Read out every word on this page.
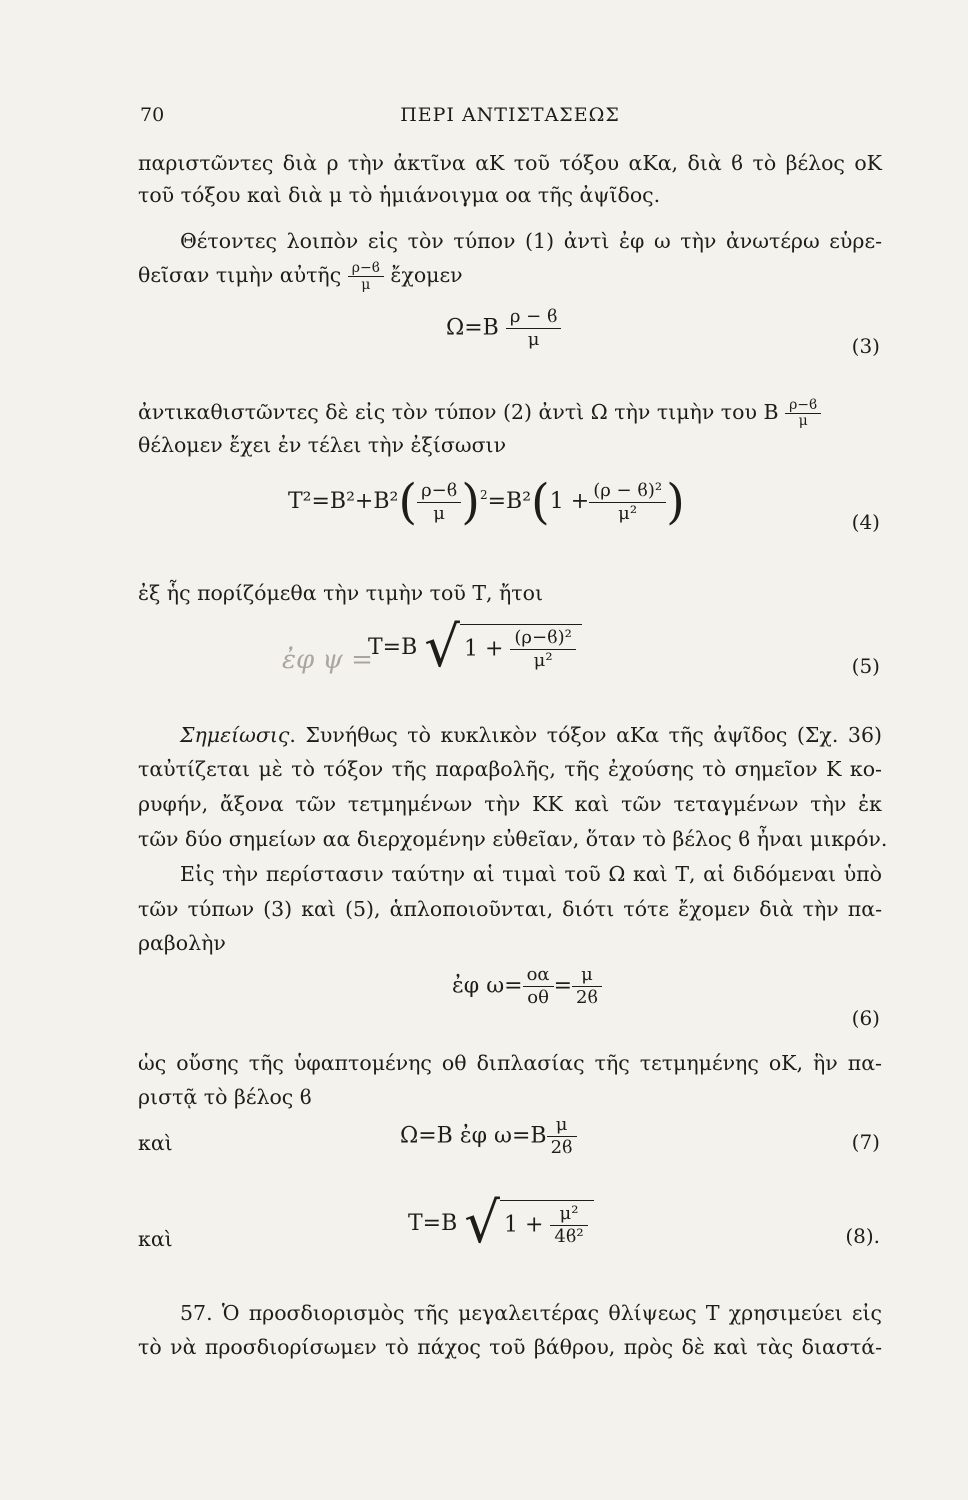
70	ΠΕΡΙ ΑΝΤΙΣΤΑΣΕΩΣ
παριστῶντες διὰ ρ τὴν ἀκτῖνα αΚ τοῦ τόξου αΚα, διὰ ϐ τὸ βέλος οΚ
τοῦ τόξου καὶ διὰ μ τὸ ἡμιάνοιγμα οα τῆς ἀψῖδος.
Θέτοντες λοιπὸν εἰς τὸν τύπον (1) ἀντὶ ἐφ ω τὴν ἀνωτέρω εὑρε-
θεῖσαν τιμὴν αὐτῆς $\frac{\rho-ϐ}{\mu}$ ἔχομεν
$\Omega=B \frac{\rho - ϐ}{\mu}$	(3)
ἀντικαθιστῶντες δὲ εἰς τὸν τύπον (2) ἀντὶ Ω τὴν τιμὴν του Β $\frac{\rho-ϐ}{\mu}$
θέλομεν ἔχει ἐν τέλει τὴν ἐξίσωσιν
$T^2=B^2+B^2( \frac{\rho-ϐ}{\mu} )^2=B^2(1 + \frac{\text{(ρ − ϐ)²}}{\text{μ²}}$ )	(4)
ἐξ ἧς πορίζόμεθα τὴν τιμὴν τοῦ Τ, ἤτοι
ἐφ ψ =
Τ=Β √ $1 + \frac{\text{(ρ−ϐ)²}}{\text{μ²}}$	(5)
Σημείωσις. Συνήθως τὸ κυκλικὸν τόξον αΚα τῆς ἀψῖδος (Σχ. 36)
ταὐτίζεται μὲ τὸ τόξον τῆς παραβολῆς, τῆς ἐχούσης τὸ σημεῖον Κ κο-
ρυφήν, ἄξονα τῶν τετμημένων τὴν ΚΚ καὶ τῶν τεταγμένων τὴν ἐκ
τῶν δύο σημείων αα διερχομένην εὐθεῖαν, ὅταν τὸ βέλος ϐ ἦναι μικρόν.
Εἰς τὴν περίστασιν ταύτην αἱ τιμαὶ τοῦ Ω καὶ Τ, αἱ διδόμεναι ὑπὸ
τῶν τύπων (3) καὶ (5), ἁπλοποιοῦνται, διότι τότε ἔχομεν διὰ τὴν πα-
ραβολὴν
ἐφ $\omega= \frac{o\alpha}{o\theta} = \frac{\mu}{2ϐ}$
(6)
ὡς οὔσης τῆς ὑφαπτομένης οθ διπλασίας τῆς τετμημένης οΚ, ἣν πα-
ριστᾷ τὸ βέλος ϐ
καὶ	Ω=Β ἐφ $\omega=B \frac{\mu}{2ϐ}$	(7)
καὶ
Τ=Β √ $1 + \frac{\text{μ²}}{\text{4ϐ²}}$	(8).
57. Ὁ προσδιορισμὸς τῆς μεγαλειτέρας θλίψεως Τ χρησιμεύει εἰς
τὸ νὰ προσδιορίσωμεν τὸ πάχος τοῦ βάθρου, πρὸς δὲ καὶ τὰς διαστά-
